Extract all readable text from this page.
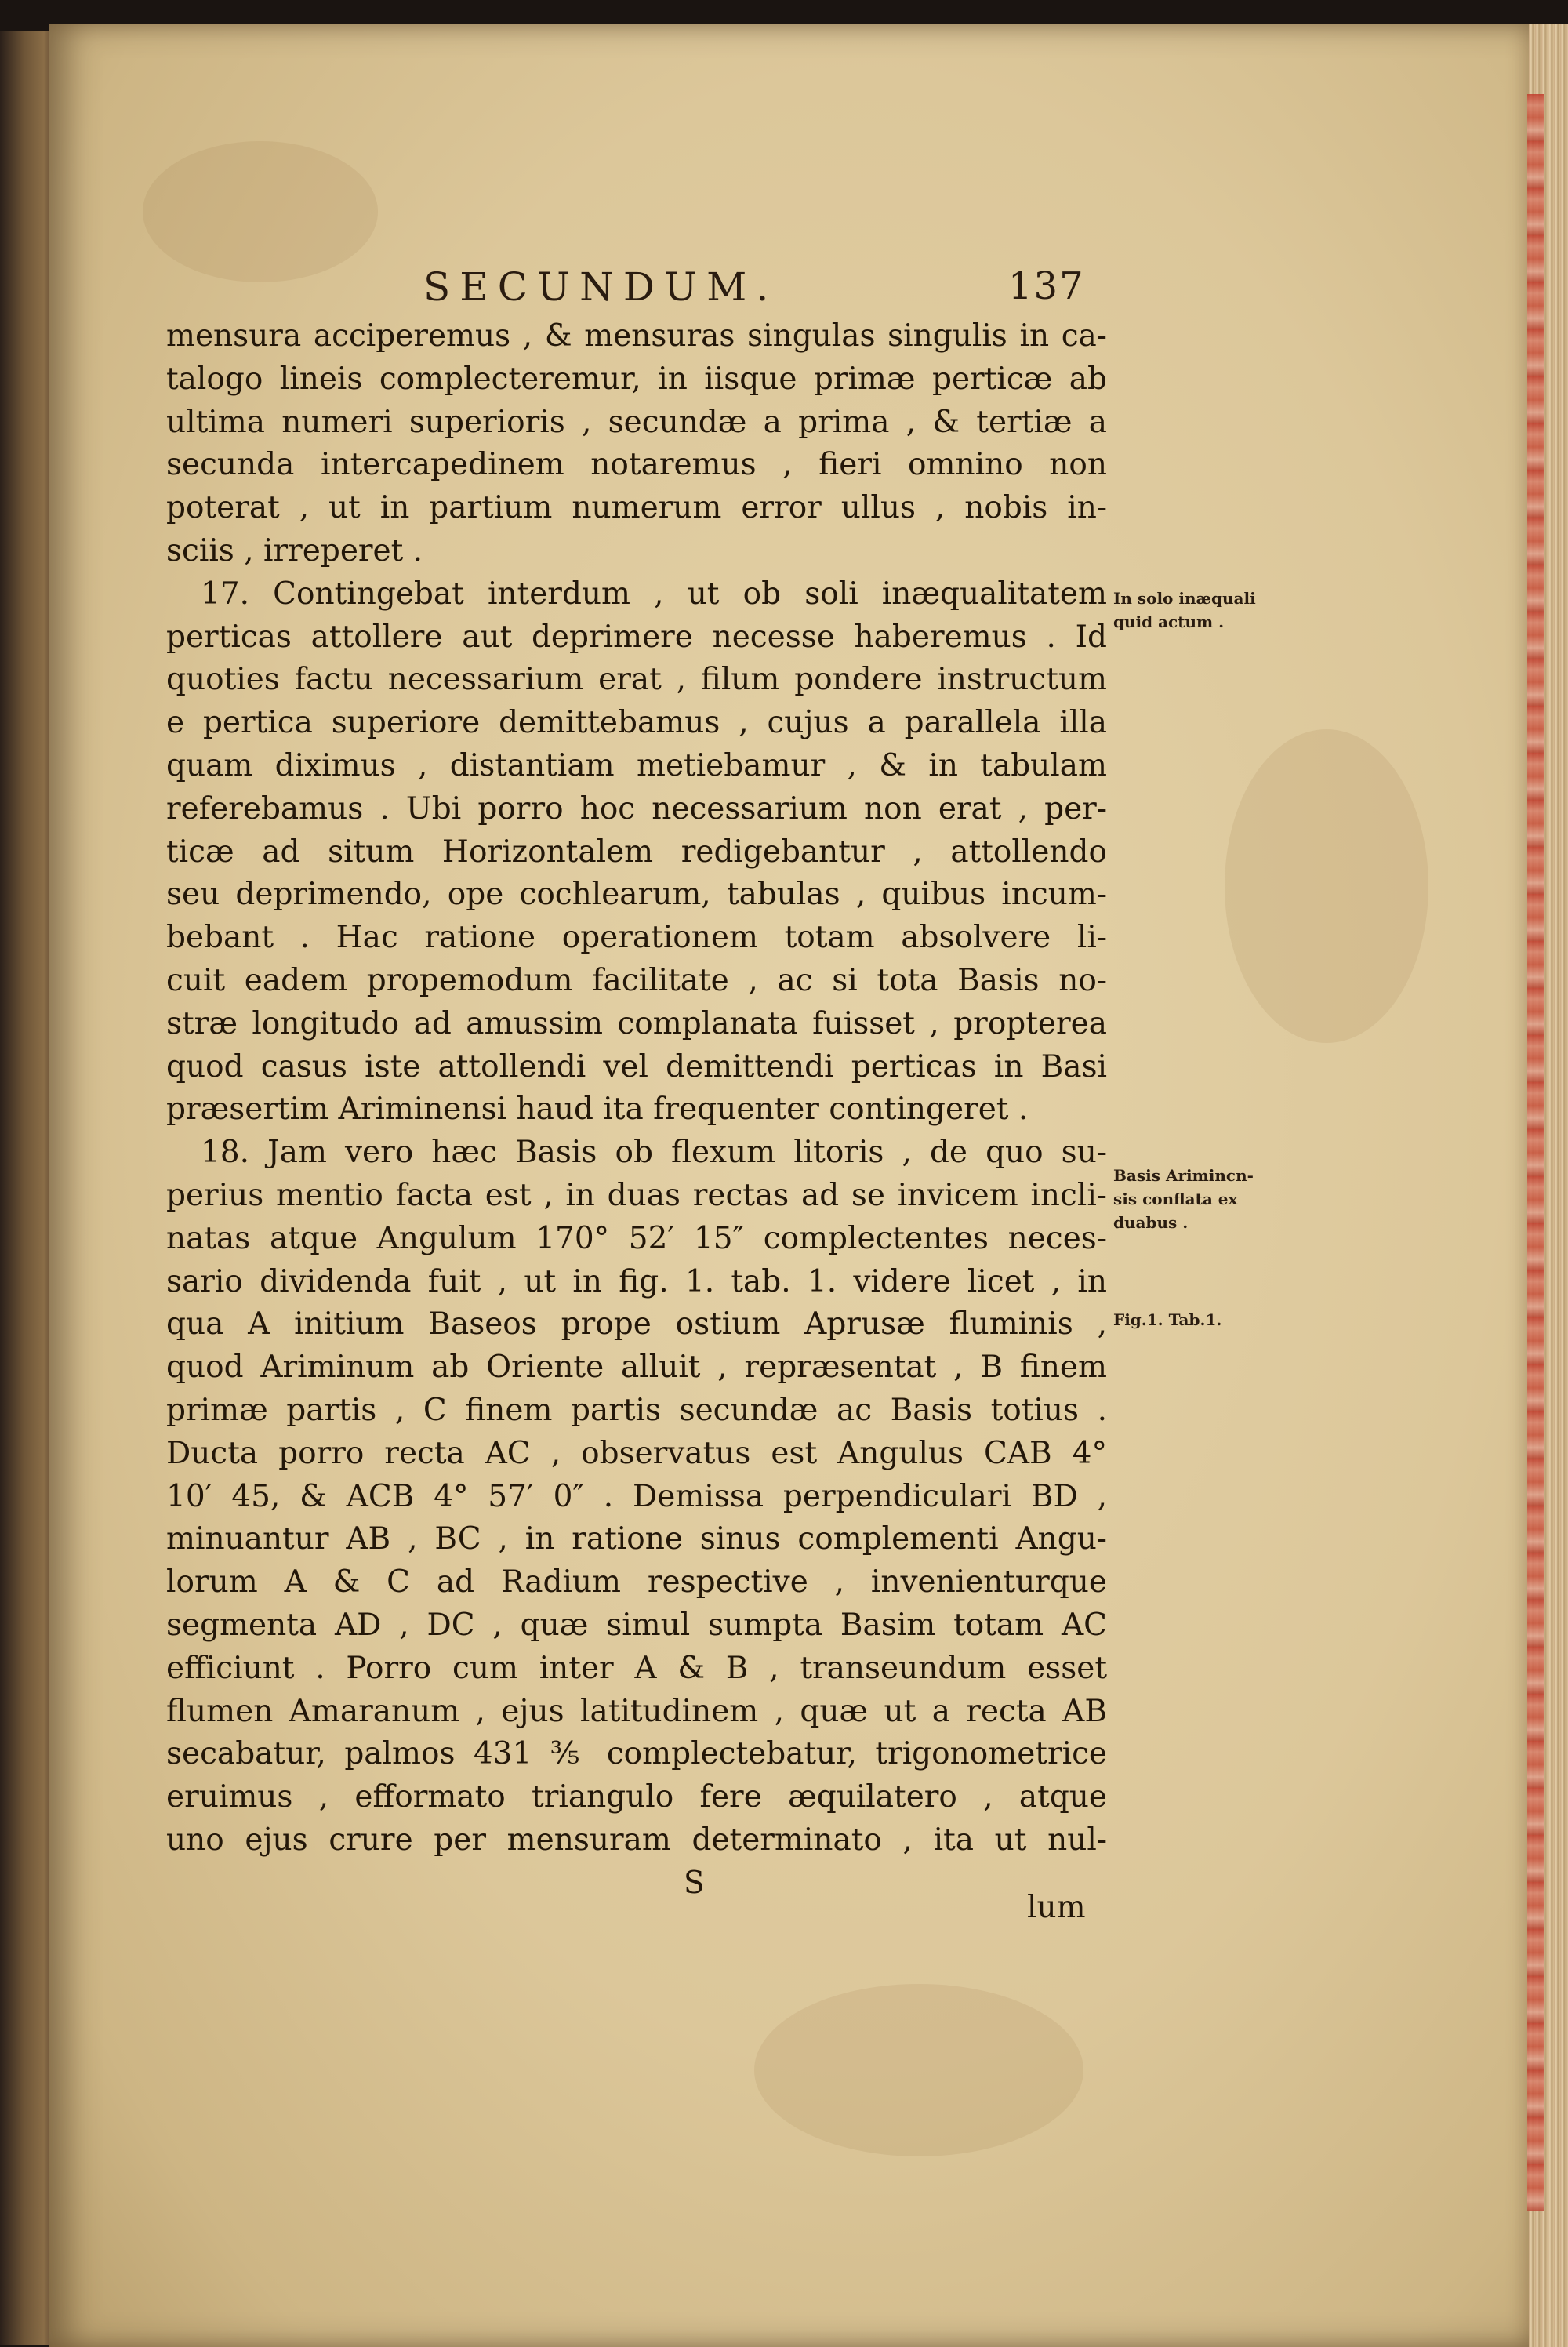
SECUNDUM.	137
mensura acciperemus , & mensuras singulas singulis in ca-
talogo lineis complecteremur, in iisque primæ perticæ ab
ultima numeri superioris , secundæ a prima , & tertiæ a
secunda intercapedinem notaremus , fieri omnino non
poterat , ut in partium numerum error ullus , nobis in-
sciis , irreperet .
17. Contingebat interdum , ut ob soli inæqualitatem
perticas attollere aut deprimere necesse haberemus . Id
quoties factu necessarium erat , filum pondere instructum
e pertica superiore demittebamus , cujus a parallela illa
quam diximus , distantiam metiebamur , & in tabulam
referebamus . Ubi porro hoc necessarium non erat , per-
ticæ ad situm Horizontalem redigebantur , attollendo
seu deprimendo, ope cochlearum, tabulas , quibus incum-
bebant . Hac ratione operationem totam absolvere li-
cuit eadem propemodum facilitate , ac si tota Basis no-
stræ longitudo ad amussim complanata fuisset , propterea
quod casus iste attollendi vel demittendi perticas in Basi
præsertim Ariminensi haud ita frequenter contingeret .
18. Jam vero hæc Basis ob flexum litoris , de quo su-
perius mentio facta est , in duas rectas ad se invicem incli-
natas atque Angulum 170° 52′ 15″ complectentes neces-
sario dividenda fuit , ut in fig. 1. tab. 1. videre licet , in
qua A initium Baseos prope ostium Aprusæ fluminis ,
quod Ariminum ab Oriente alluit , repræsentat , B finem
primæ partis , C finem partis secundæ ac Basis totius .
Ducta porro recta AC , observatus est Angulus CAB 4°
10′ 45, & ACB 4° 57′ 0″ . Demissa perpendiculari BD ,
minuantur AB , BC , in ratione sinus complementi Angu-
lorum A & C ad Radium respective , invenienturque
segmenta AD , DC , quæ simul sumpta Basim totam AC
efficiunt . Porro cum inter A & B , transeundum esset
flumen Amaranum , ejus latitudinem , quæ ut a recta AB
secabatur, palmos 431 ⅗ complectebatur, trigonometrice
eruimus , efformato triangulo fere æquilatero , atque
uno ejus crure per mensuram determinato , ita ut nul-
S
lum
In solo inæquali
quid actum .
Basis Arimincn-
sis conflata ex
duabus .
Fig.1. Tab.1.
